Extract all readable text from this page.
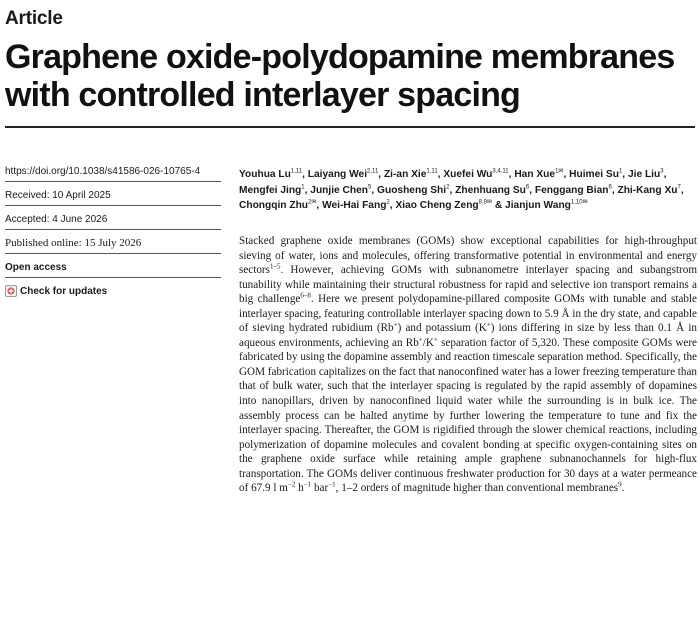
Article
Graphene oxide-polydopamine membranes with controlled interlayer spacing
https://doi.org/10.1038/s41586-026-10765-4
Received: 10 April 2025
Accepted: 4 June 2026
Published online: 15 July 2026
Open access
Check for updates
Youhua Lu$^{1,11}$, Laiyang Wei$^{2,11}$, Zi-an Xie$^{1,11}$, Xuefei Wu$^{3,4,11}$, Han Xue$^{1✉}$, Huimei Su$^1$, Jie Liu$^3$, Mengfei Jing$^1$, Junjie Chen$^5$, Guosheng Shi$^2$, Zhenhuang Su$^6$, Fenggang Bian$^6$, Zhi-Kang Xu$^7$, Chongqin Zhu$^{2✉}$, Wei-Hai Fang$^2$, Xiao Cheng Zeng$^{8,9✉}$ & Jianjun Wang$^{1,10✉}$

Stacked graphene oxide membranes (GOMs) show exceptional capabilities for high-throughput sieving of water, ions and molecules, offering transformative potential in environmental and energy sectors$^{1-5}$. However, achieving GOMs with subnanometre interlayer spacing and subangstrom tunability while maintaining their structural robustness for rapid and selective ion transport remains a big challenge$^{6-8}$. Here we present polydopamine-pillared composite GOMs with tunable and stable interlayer spacing, featuring controllable interlayer spacing down to 5.9 Å in the dry state, and capable of sieving hydrated rubidium (Rb+) and potassium (K+) ions differing in size by less than 0.1 Å in aqueous environments, achieving an Rb+/K+ separation factor of 5,320. These composite GOMs were fabricated by using the dopamine assembly and reaction timescale separation method. Specifically, the GOM fabrication capitalizes on the fact that nanoconfined water has a lower freezing temperature than that of bulk water, such that the interlayer spacing is regulated by the rapid assembly of dopamines into nanopillars, driven by nanoconfined liquid water while the surrounding is in bulk ice. The assembly process can be halted anytime by further lowering the temperature to tune and fix the interlayer spacing. Thereafter, the GOM is rigidified through the slower chemical reactions, including polymerization of dopamine molecules and covalent bonding at specific oxygen-containing sites on the graphene oxide surface while retaining ample graphene subnanochannels for high-flux transportation. The GOMs deliver continuous freshwater production for 30 days at a water permeance of 67.9 l $m^{-2}$ $h^{-1}$ bar$^{-1}$, 1–2 orders of magnitude higher than conventional membranes$^9$.
